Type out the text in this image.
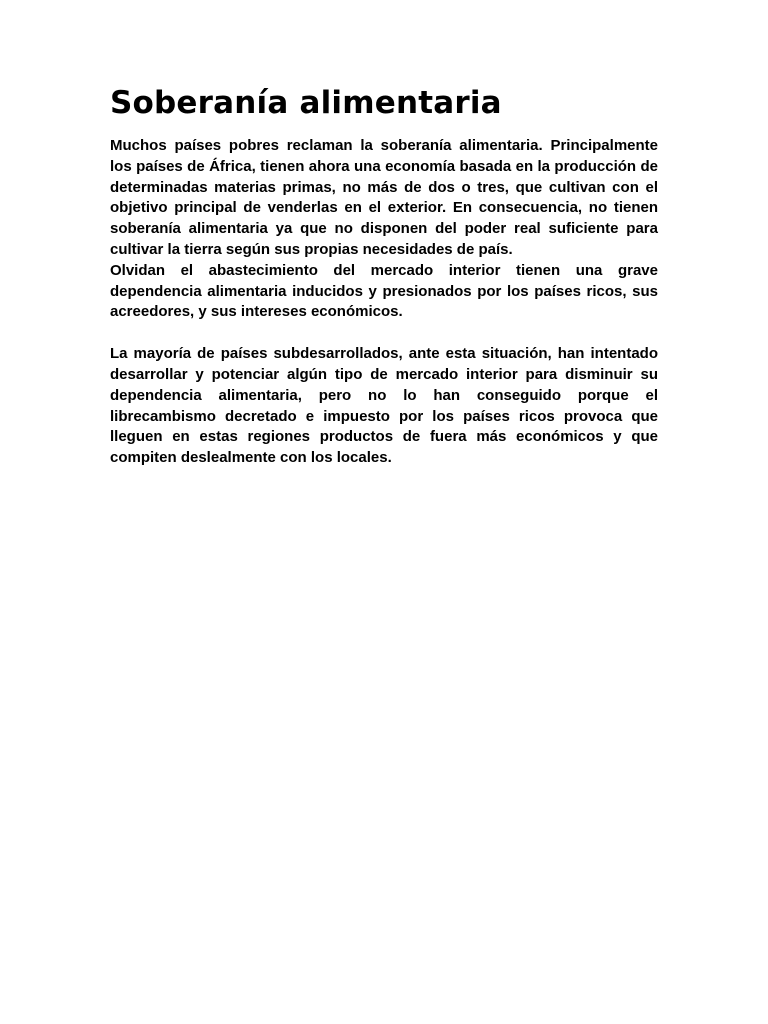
Soberanía alimentaria

Muchos países pobres reclaman la soberanía alimentaria. Principalmente los países de África, tienen ahora una economía basada en la producción de determinadas materias primas, no más de dos o tres, que cultivan con el objetivo principal de venderlas en el exterior. En consecuencia, no tienen soberanía alimentaria ya que no disponen del poder real suficiente para cultivar la tierra según sus propias necesidades de país.

Olvidan el abastecimiento del mercado interior tienen una grave dependencia alimentaria inducidos y presionados por los países ricos, sus acreedores, y sus intereses económicos.

La mayoría de países subdesarrollados, ante esta situación, han intentado desarrollar y potenciar algún tipo de mercado interior para disminuir su dependencia alimentaria, pero no lo han conseguido porque el librecambismo decretado e impuesto por los países ricos provoca que lleguen en estas regiones productos de fuera más económicos y que compiten deslealmente con los locales.
